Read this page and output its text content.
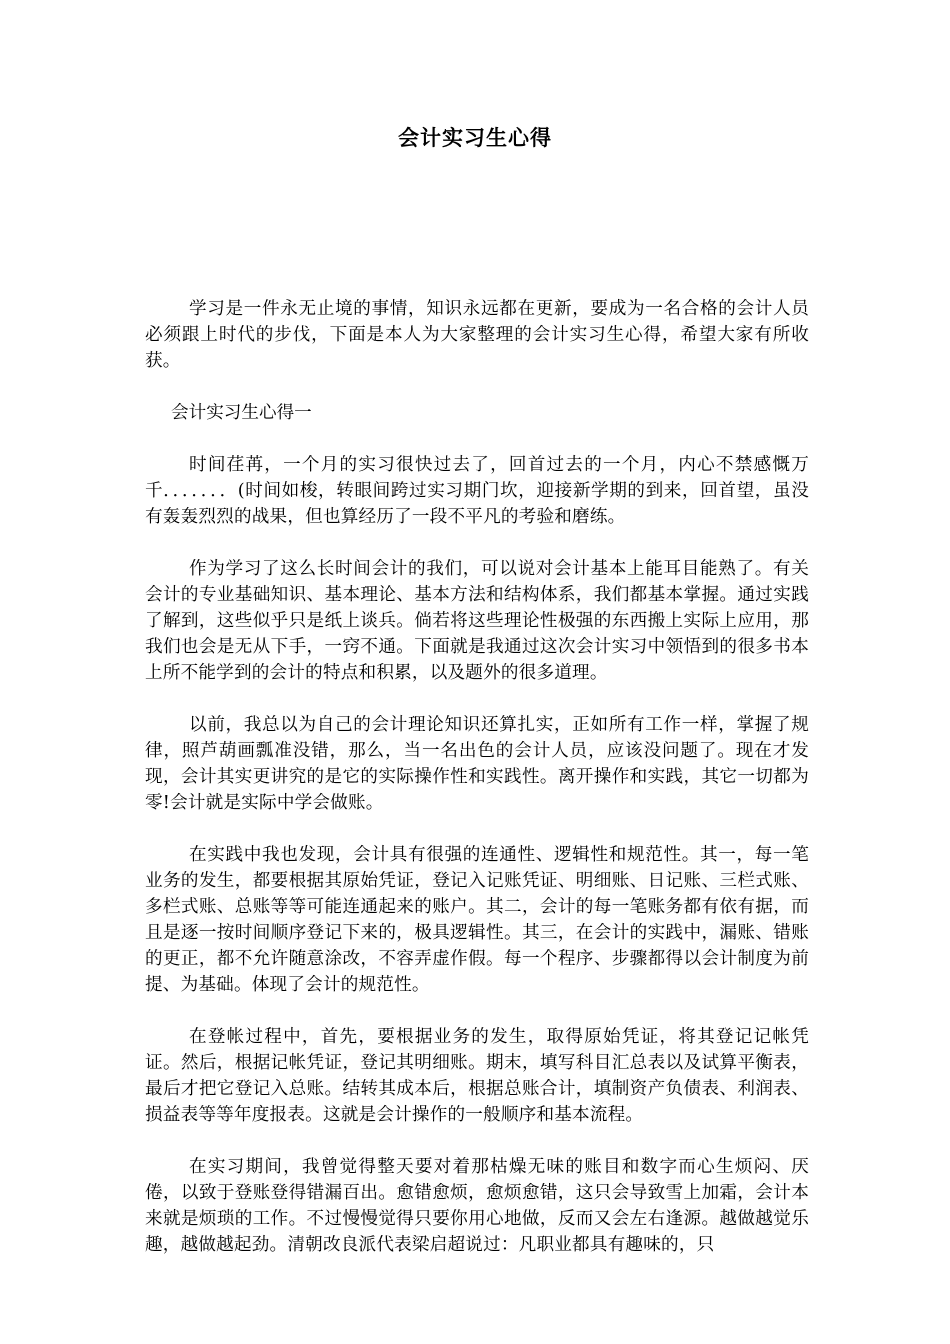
会计实习生心得

学习是一件永无止境的事情，知识永远都在更新，要成为一名合格的会计人员必须跟上时代的步伐，下面是本人为大家整理的会计实习生心得，希望大家有所收获。

会计实习生心得一

时间荏苒，一个月的实习很快过去了，回首过去的一个月，内心不禁感慨万千．．．．．．．(时间如梭，转眼间跨过实习期门坎，迎接新学期的到来，回首望，虽没有轰轰烈烈的战果，但也算经历了一段不平凡的考验和磨练。

作为学习了这么长时间会计的我们，可以说对会计基本上能耳目能熟了。有关会计的专业基础知识、基本理论、基本方法和结构体系，我们都基本掌握。通过实践了解到，这些似乎只是纸上谈兵。倘若将这些理论性极强的东西搬上实际上应用，那我们也会是无从下手，一窍不通。下面就是我通过这次会计实习中领悟到的很多书本上所不能学到的会计的特点和积累，以及题外的很多道理。

以前，我总以为自己的会计理论知识还算扎实，正如所有工作一样，掌握了规律，照芦葫画瓢准没错，那么，当一名出色的会计人员，应该没问题了。现在才发现，会计其实更讲究的是它的实际操作性和实践性。离开操作和实践，其它一切都为零!会计就是实际中学会做账。

在实践中我也发现，会计具有很强的连通性、逻辑性和规范性。其一，每一笔业务的发生，都要根据其原始凭证，登记入记账凭证、明细账、日记账、三栏式账、多栏式账、总账等等可能连通起来的账户。其二，会计的每一笔账务都有依有据，而且是逐一按时间顺序登记下来的，极具逻辑性。其三，在会计的实践中，漏账、错账的更正，都不允许随意涂改，不容弄虚作假。每一个程序、步骤都得以会计制度为前提、为基础。体现了会计的规范性。

在登帐过程中，首先，要根据业务的发生，取得原始凭证，将其登记记帐凭证。然后，根据记帐凭证，登记其明细账。期末，填写科目汇总表以及试算平衡表，最后才把它登记入总账。结转其成本后，根据总账合计，填制资产负债表、利润表、损益表等等年度报表。这就是会计操作的一般顺序和基本流程。

在实习期间，我曾觉得整天要对着那枯燥无味的账目和数字而心生烦闷、厌倦，以致于登账登得错漏百出。愈错愈烦，愈烦愈错，这只会导致雪上加霜，会计本来就是烦琐的工作。不过慢慢觉得只要你用心地做，反而又会左右逢源。越做越觉乐趣，越做越起劲。清朝改良派代表梁启超说过：凡职业都具有趣味的，只
